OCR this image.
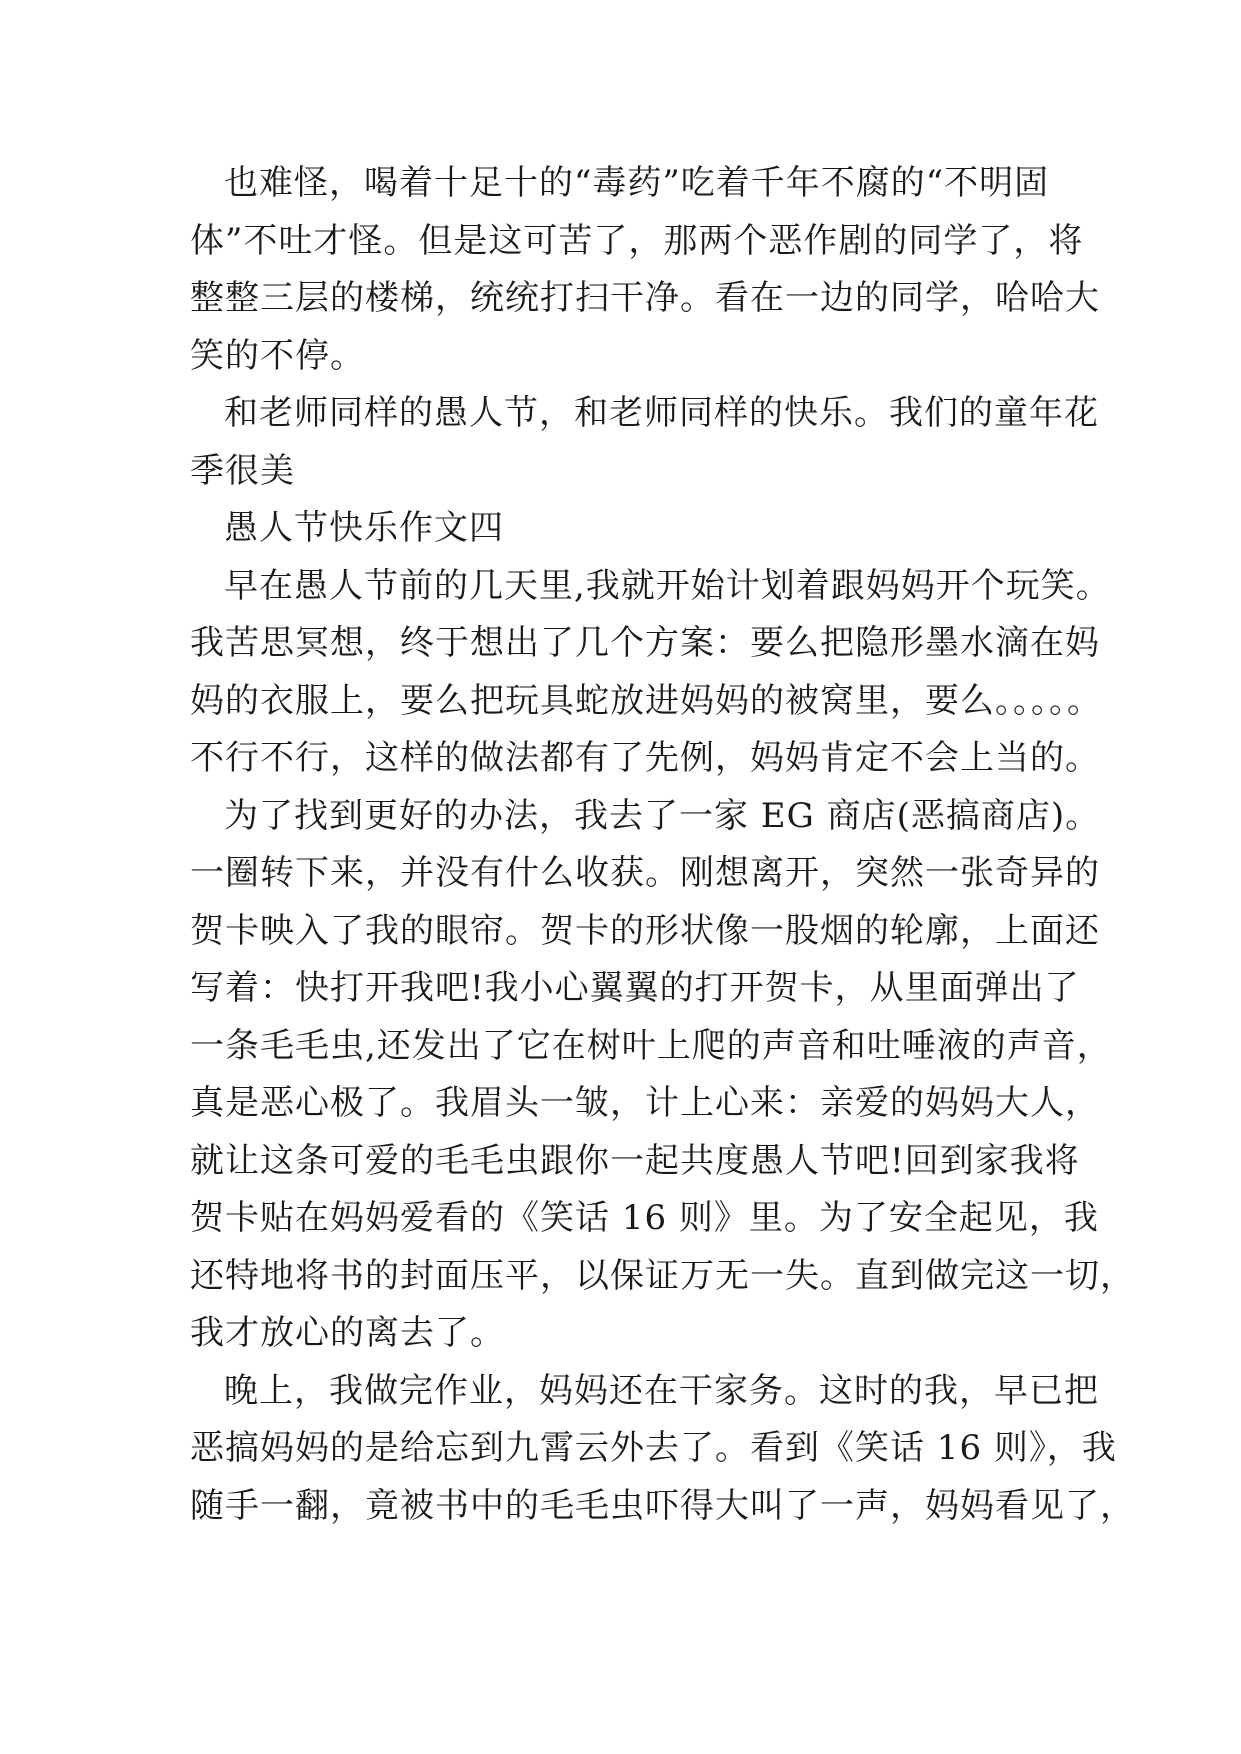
也难怪，喝着十足十的“毒药”吃着千年不腐的“不明固
体”不吐才怪。但是这可苦了，那两个恶作剧的同学了，将
整整三层的楼梯，统统打扫干净。看在一边的同学，哈哈大
笑的不停。
和老师同样的愚人节，和老师同样的快乐。我们的童年花
季很美
愚人节快乐作文四
早在愚人节前的几天里,我就开始计划着跟妈妈开个玩笑。
我苦思冥想，终于想出了几个方案：要么把隐形墨水滴在妈
妈的衣服上，要么把玩具蛇放进妈妈的被窝里，要么。。。。。
不行不行，这样的做法都有了先例，妈妈肯定不会上当的。
为了找到更好的办法，我去了一家 EG 商店(恶搞商店)。
一圈转下来，并没有什么收获。刚想离开，突然一张奇异的
贺卡映入了我的眼帘。贺卡的形状像一股烟的轮廓，上面还
写着：快打开我吧!我小心翼翼的打开贺卡，从里面弹出了
一条毛毛虫,还发出了它在树叶上爬的声音和吐唾液的声音，
真是恶心极了。我眉头一皱，计上心来：亲爱的妈妈大人，
就让这条可爱的毛毛虫跟你一起共度愚人节吧!回到家我将
贺卡贴在妈妈爱看的《笑话 16 则》里。为了安全起见，我
还特地将书的封面压平，以保证万无一失。直到做完这一切，
我才放心的离去了。
晚上，我做完作业，妈妈还在干家务。这时的我，早已把
恶搞妈妈的是给忘到九霄云外去了。看到《笑话 16 则》，我
随手一翻，竟被书中的毛毛虫吓得大叫了一声，妈妈看见了，
